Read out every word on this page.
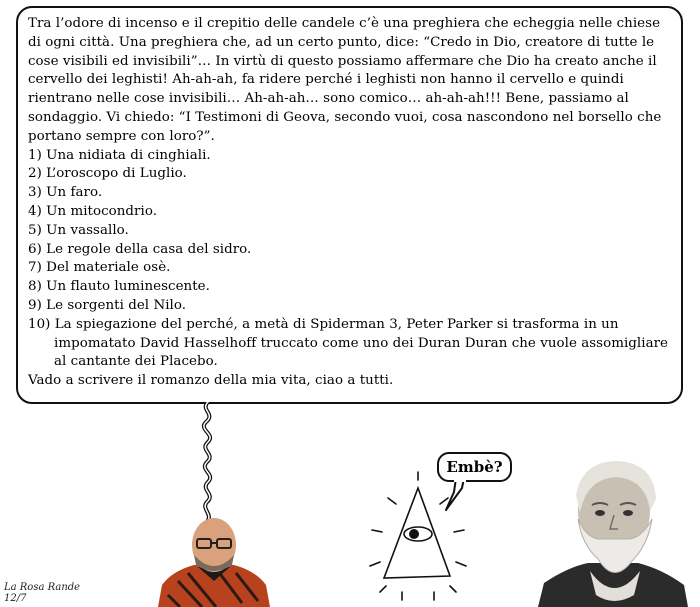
Tra l’odore di incenso e il crepitio delle candele c’è una preghiera che echeggia nelle chiese di ogni città. Una preghiera che, ad un certo punto, dice: “Credo in Dio, creatore di tutte le cose visibili ed invisibili”… In virtù di questo possiamo affermare che Dio ha creato anche il cervello dei leghisti! Ah-ah-ah, fa ridere perché i leghisti non hanno il cervello e quindi rientrano nelle cose invisibili… Ah-ah-ah… sono comico… ah-ah-ah!!! Bene, passiamo al sondaggio. Vi chiedo: “I Testimoni di Geova, secondo vuoi, cosa nascondono nel borsello che portano sempre con loro?”.

1) Una nidiata di cinghiali.
2) L’oroscopo di Luglio.
3) Un faro.
4) Un mitocondrio.
5) Un vassallo.
6) Le regole della casa del sidro.
7) Del materiale osè.
8) Un flauto luminescente.
9) Le sorgenti del Nilo.
10) La spiegazione del perché, a metà di Spiderman 3, Peter Parker si trasforma in un impomatato David Hasselhoff truccato come uno dei Duran Duran che vuole assomigliare al cantante dei Placebo.

Vado a scrivere il romanzo della mia vita, ciao a tutti.

Embè?
La Rosa Rande 12/7
